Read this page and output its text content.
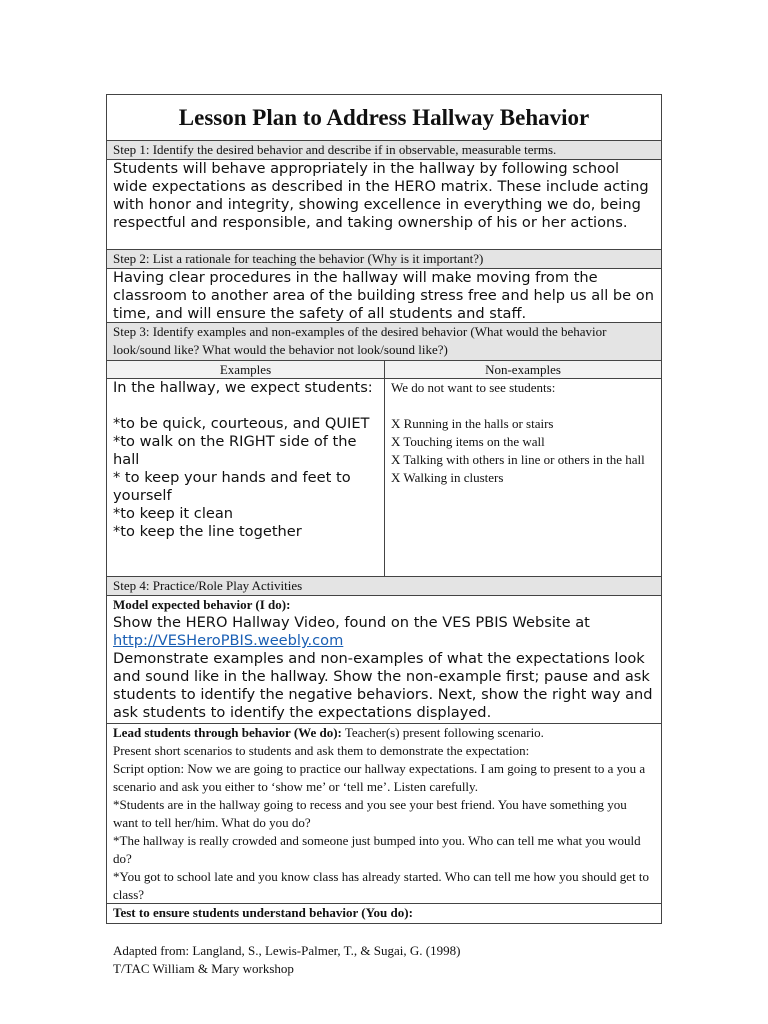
Lesson Plan to Address Hallway Behavior
Step 1: Identify the desired behavior and describe if in observable, measurable terms.
Students will behave appropriately in the hallway by following school wide expectations as described in the HERO matrix. These include acting with honor and integrity, showing excellence in everything we do, being respectful and responsible, and taking ownership of his or her actions.
Step 2: List a rationale for teaching the behavior (Why is it important?)
Having clear procedures in the hallway will make moving from the classroom to another area of the building stress free and help us all be on time, and will ensure the safety of all students and staff.
Step 3: Identify examples and non-examples of the desired behavior (What would the behavior look/sound like? What would the behavior not look/sound like?)
Examples	Non-examples
In the hallway, we expect students:
*to be quick, courteous, and QUIET
*to walk on the RIGHT side of the hall
* to keep your hands and feet to yourself
*to keep it clean
*to keep the line together
We do not want to see students:
X Running in the halls or stairs
X Touching items on the wall
X Talking with others in line or others in the hall
X Walking in clusters
Step 4: Practice/Role Play Activities
Model expected behavior (I do):
Show the HERO Hallway Video, found on the VES PBIS Website at
http://VESHeroPBIS.weebly.com
Demonstrate examples and non-examples of what the expectations look and sound like in the hallway. Show the non-example first; pause and ask students to identify the negative behaviors. Next, show the right way and ask students to identify the expectations displayed.
Lead students through behavior (We do): Teacher(s) present following scenario.
Present short scenarios to students and ask them to demonstrate the expectation:
Script option: Now we are going to practice our hallway expectations. I am going to present to a you a scenario and ask you either to ‘show me’ or ‘tell me’. Listen carefully.
*Students are in the hallway going to recess and you see your best friend. You have something you want to tell her/him. What do you do?
*The hallway is really crowded and someone just bumped into you. Who can tell me what you would do?
*You got to school late and you know class has already started. Who can tell me how you should get to class?
Test to ensure students understand behavior (You do):
Adapted from: Langland, S., Lewis-Palmer, T., & Sugai, G. (1998)
T/TAC William & Mary workshop
